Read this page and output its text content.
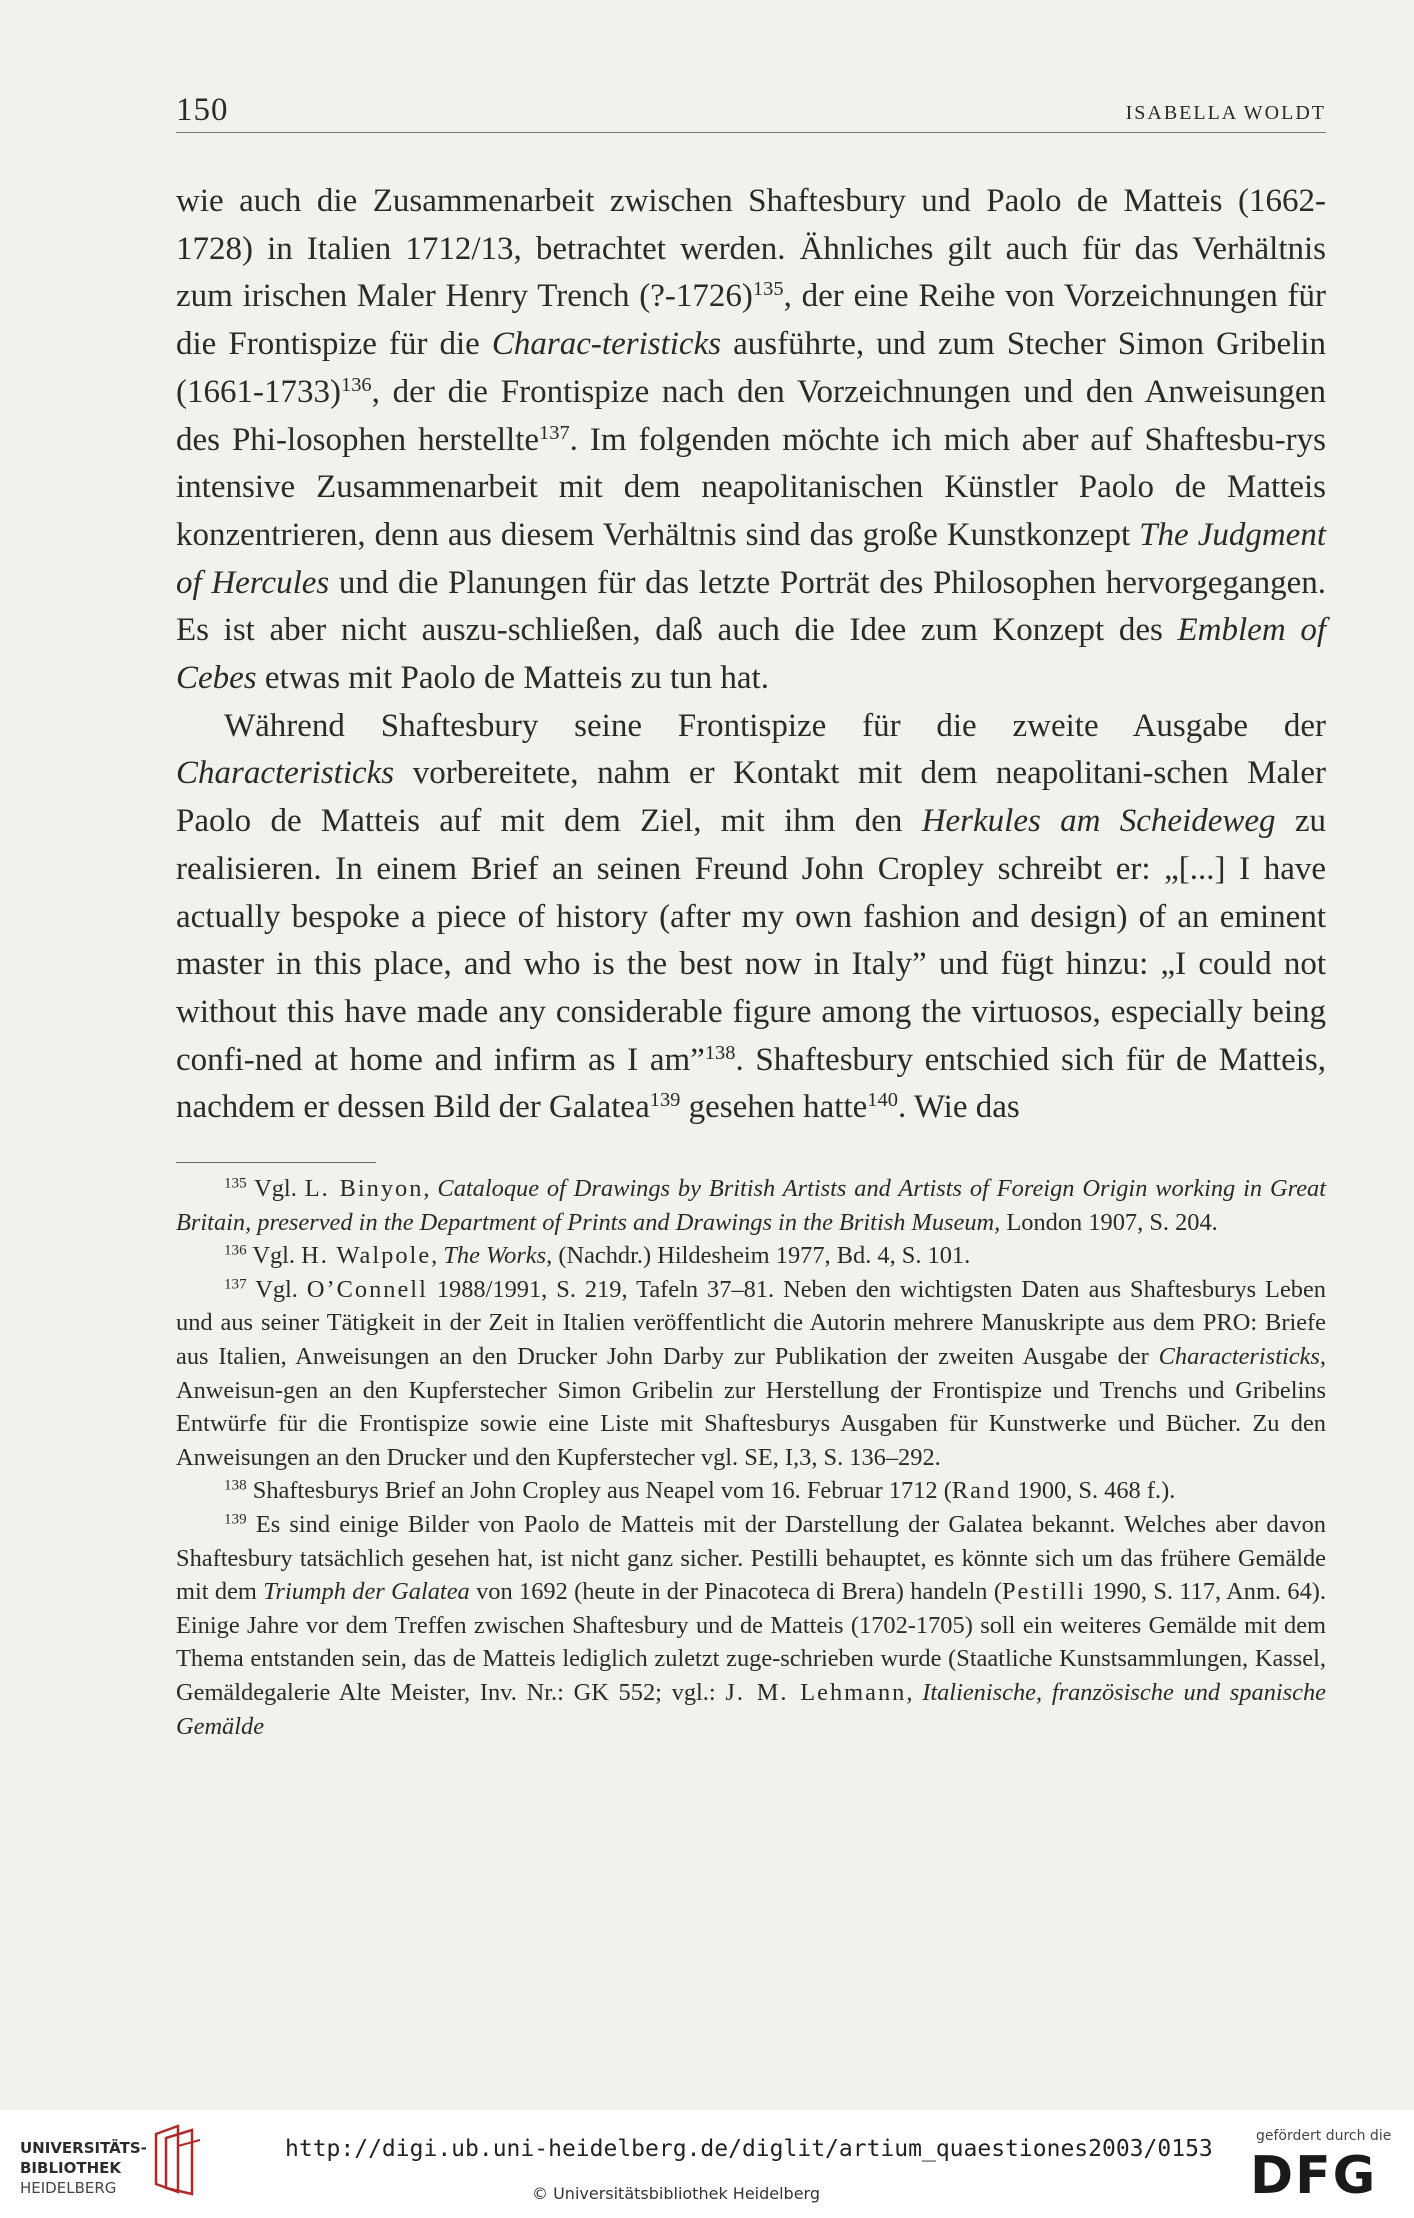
150	ISABELLA WOLDT

wie auch die Zusammenarbeit zwischen Shaftesbury und Paolo de Matteis (1662-1728) in Italien 1712/13, betrachtet werden. Ähnliches gilt auch für das Verhältnis zum irischen Maler Henry Trench (?-1726)$^{135}$, der eine Reihe von Vorzeichnungen für die Frontispize für die Charac-teristicks ausführte, und zum Stecher Simon Gribelin (1661-1733)$^{136}$, der die Frontispize nach den Vorzeichnungen und den Anweisungen des Phi-losophen herstellte$^{137}$. Im folgenden möchte ich mich aber auf Shaftesbu-rys intensive Zusammenarbeit mit dem neapolitanischen Künstler Paolo de Matteis konzentrieren, denn aus diesem Verhältnis sind das große Kunstkonzept The Judgment of Hercules und die Planungen für das letzte Porträt des Philosophen hervorgegangen. Es ist aber nicht auszu-schließen, daß auch die Idee zum Konzept des Emblem of Cebes etwas mit Paolo de Matteis zu tun hat.

Während Shaftesbury seine Frontispize für die zweite Ausgabe der Characteristicks vorbereitete, nahm er Kontakt mit dem neapolitani-schen Maler Paolo de Matteis auf mit dem Ziel, mit ihm den Herkules am Scheideweg zu realisieren. In einem Brief an seinen Freund John Cropley schreibt er: „[...] I have actually bespoke a piece of history (after my own fashion and design) of an eminent master in this place, and who is the best now in Italy” und fügt hinzu: „I could not without this have made any considerable figure among the virtuosos, especially being confi-ned at home and infirm as I am”$^{138}$. Shaftesbury entschied sich für de Matteis, nachdem er dessen Bild der Galatea$^{139}$ gesehen hatte$^{140}$. Wie das

$^{135}$ Vgl. L. Binyon, Cataloque of Drawings by British Artists and Artists of Foreign Origin working in Great Britain, preserved in the Department of Prints and Drawings in the British Museum, London 1907, S. 204.

$^{136}$ Vgl. H. Walpole, The Works, (Nachdr.) Hildesheim 1977, Bd. 4, S. 101.

$^{137}$ Vgl. O’Connell 1988/1991, S. 219, Tafeln 37–81. Neben den wichtigsten Daten aus Shaftesburys Leben und aus seiner Tätigkeit in der Zeit in Italien veröffentlicht die Autorin mehrere Manuskripte aus dem PRO: Briefe aus Italien, Anweisungen an den Drucker John Darby zur Publikation der zweiten Ausgabe der Characteristicks, Anweisun-gen an den Kupferstecher Simon Gribelin zur Herstellung der Frontispize und Trenchs und Gribelins Entwürfe für die Frontispize sowie eine Liste mit Shaftesburys Ausgaben für Kunstwerke und Bücher. Zu den Anweisungen an den Drucker und den Kupferstecher vgl. SE, I,3, S. 136–292.

$^{138}$ Shaftesburys Brief an John Cropley aus Neapel vom 16. Februar 1712 (Rand 1900, S. 468 f.).

$^{139}$ Es sind einige Bilder von Paolo de Matteis mit der Darstellung der Galatea bekannt. Welches aber davon Shaftesbury tatsächlich gesehen hat, ist nicht ganz sicher. Pestilli behauptet, es könnte sich um das frühere Gemälde mit dem Triumph der Galatea von 1692 (heute in der Pinacoteca di Brera) handeln (Pestilli 1990, S. 117, Anm. 64). Einige Jahre vor dem Treffen zwischen Shaftesbury und de Matteis (1702-1705) soll ein weiteres Gemälde mit dem Thema entstanden sein, das de Matteis lediglich zuletzt zuge-schrieben wurde (Staatliche Kunstsammlungen, Kassel, Gemäldegalerie Alte Meister, Inv. Nr.: GK 552; vgl.: J. M. Lehmann, Italienische, französische und spanische Gemälde

UNIVERSITÄTS-
BIBLIOTHEK
HEIDELBERG
http://digi.ub.uni-heidelberg.de/diglit/artium_quaestiones2003/0153
© Universitätsbibliothek Heidelberg
gefördert durch die
DFG
